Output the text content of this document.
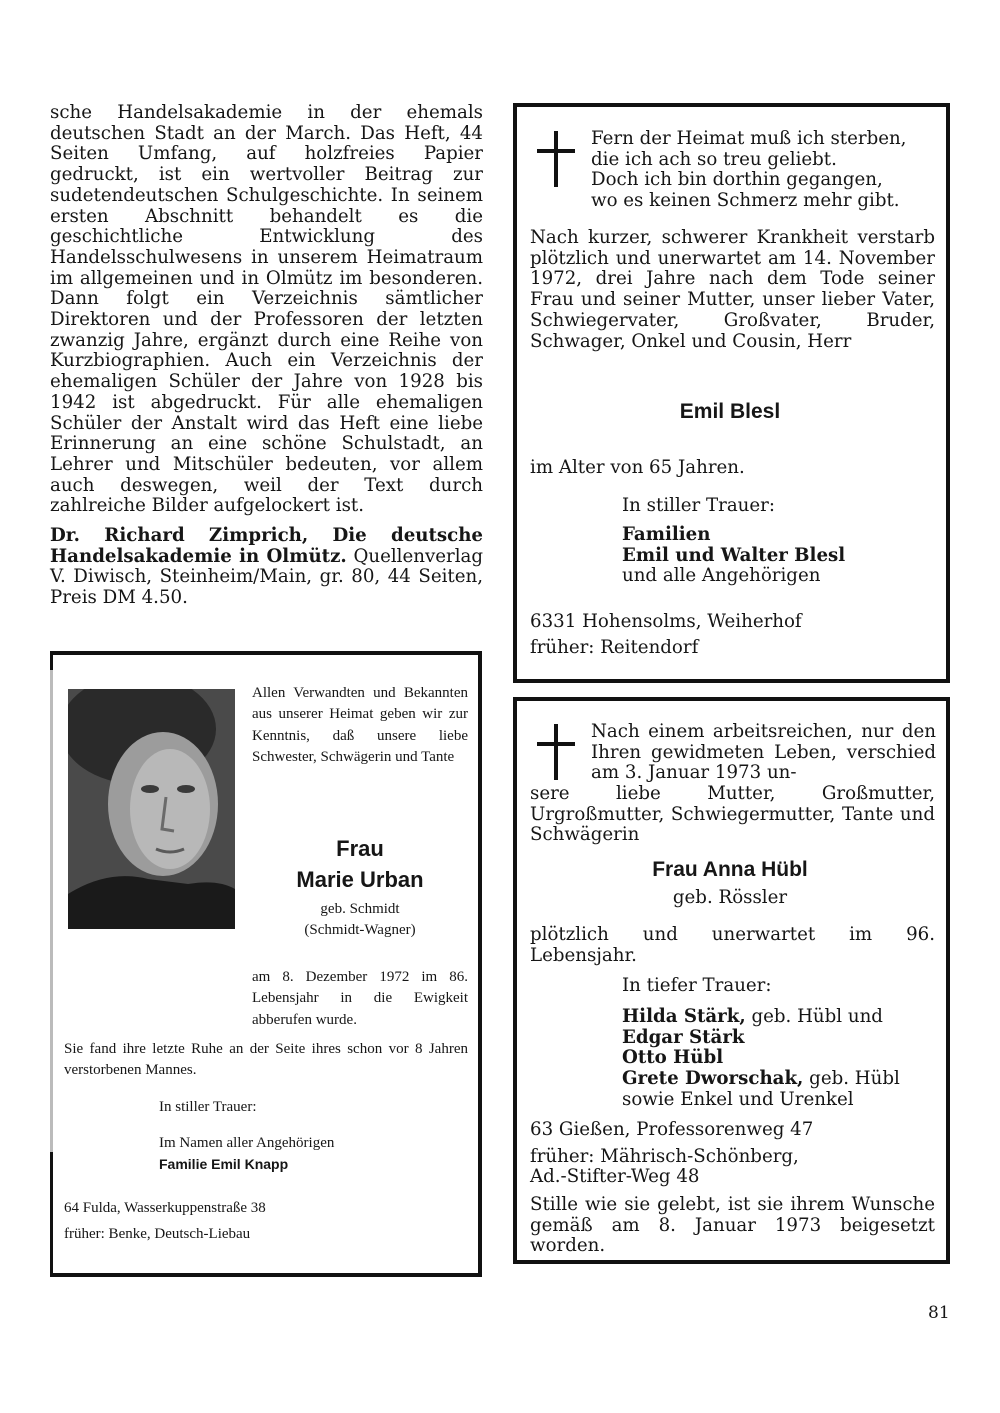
sche Handelsakademie in der ehemals deutschen Stadt an der March. Das Heft, 44 Seiten Umfang, auf holzfreies Papier gedruckt, ist ein wertvoller Beitrag zur sudetendeutschen Schulgeschichte. In seinem ersten Abschnitt behandelt es die geschichtliche Entwicklung des Handelsschulwesens in unserem Heimatraum im allgemeinen und in Olmütz im besonderen. Dann folgt ein Verzeichnis sämtlicher Direktoren und der Professoren der letzten zwanzig Jahre, ergänzt durch eine Reihe von Kurzbiographien. Auch ein Verzeichnis der ehemaligen Schüler der Jahre von 1928 bis 1942 ist abgedruckt. Für alle ehemaligen Schüler der Anstalt wird das Heft eine liebe Erinnerung an eine schöne Schulstadt, an Lehrer und Mitschüler bedeuten, vor allem auch deswegen, weil der Text durch zahlreiche Bilder aufgelockert ist.

Dr. Richard Zimprich, Die deutsche Handelsakademie in Olmütz. Quellenverlag V. Diwisch, Steinheim/Main, gr. 80, 44 Seiten, Preis DM 4.50.

Allen Verwandten und Bekannten aus unserer Heimat geben wir zur Kenntnis, daß unsere liebe Schwester, Schwägerin und Tante
Frau
Marie Urban
geb. Schmidt
(Schmidt-Wagner)
am 8. Dezember 1972 im 86. Lebensjahr in die Ewigkeit abberufen wurde.
Sie fand ihre letzte Ruhe an der Seite ihres schon vor 8 Jahren verstorbenen Mannes.
In stiller Trauer:
Im Namen aller Angehörigen
Familie Emil Knapp
64 Fulda, Wasserkuppenstraße 38
früher: Benke, Deutsch-Liebau
Fern der Heimat muß ich sterben,
die ich ach so treu geliebt.
Doch ich bin dorthin gegangen,
wo es keinen Schmerz mehr gibt.
Nach kurzer, schwerer Krankheit verstarb plötzlich und unerwartet am 14. November 1972, drei Jahre nach dem Tode seiner Frau und seiner Mutter, unser lieber Vater, Schwiegervater, Großvater, Bruder, Schwager, Onkel und Cousin, Herr
Emil Blesl
im Alter von 65 Jahren.
In stiller Trauer:
Familien
Emil und Walter Blesl
und alle Angehörigen
6331 Hohensolms, Weiherhof
früher: Reitendorf
Nach einem arbeitsreichen, nur den Ihren gewidmeten Leben, verschied am 3. Januar 1973 un-
sere liebe Mutter, Großmutter, Urgroßmutter, Schwiegermutter, Tante und Schwägerin
Frau Anna Hübl
geb. Rössler
plötzlich und unerwartet im 96. Lebensjahr.
In tiefer Trauer:
Hilda Stärk, geb. Hübl und
Edgar Stärk
Otto Hübl
Grete Dworschak, geb. Hübl
sowie Enkel und Urenkel
63 Gießen, Professorenweg 47
früher: Mährisch-Schönberg,
Ad.-Stifter-Weg 48
Stille wie sie gelebt, ist sie ihrem Wunsche gemäß am 8. Januar 1973 beigesetzt worden.
81
